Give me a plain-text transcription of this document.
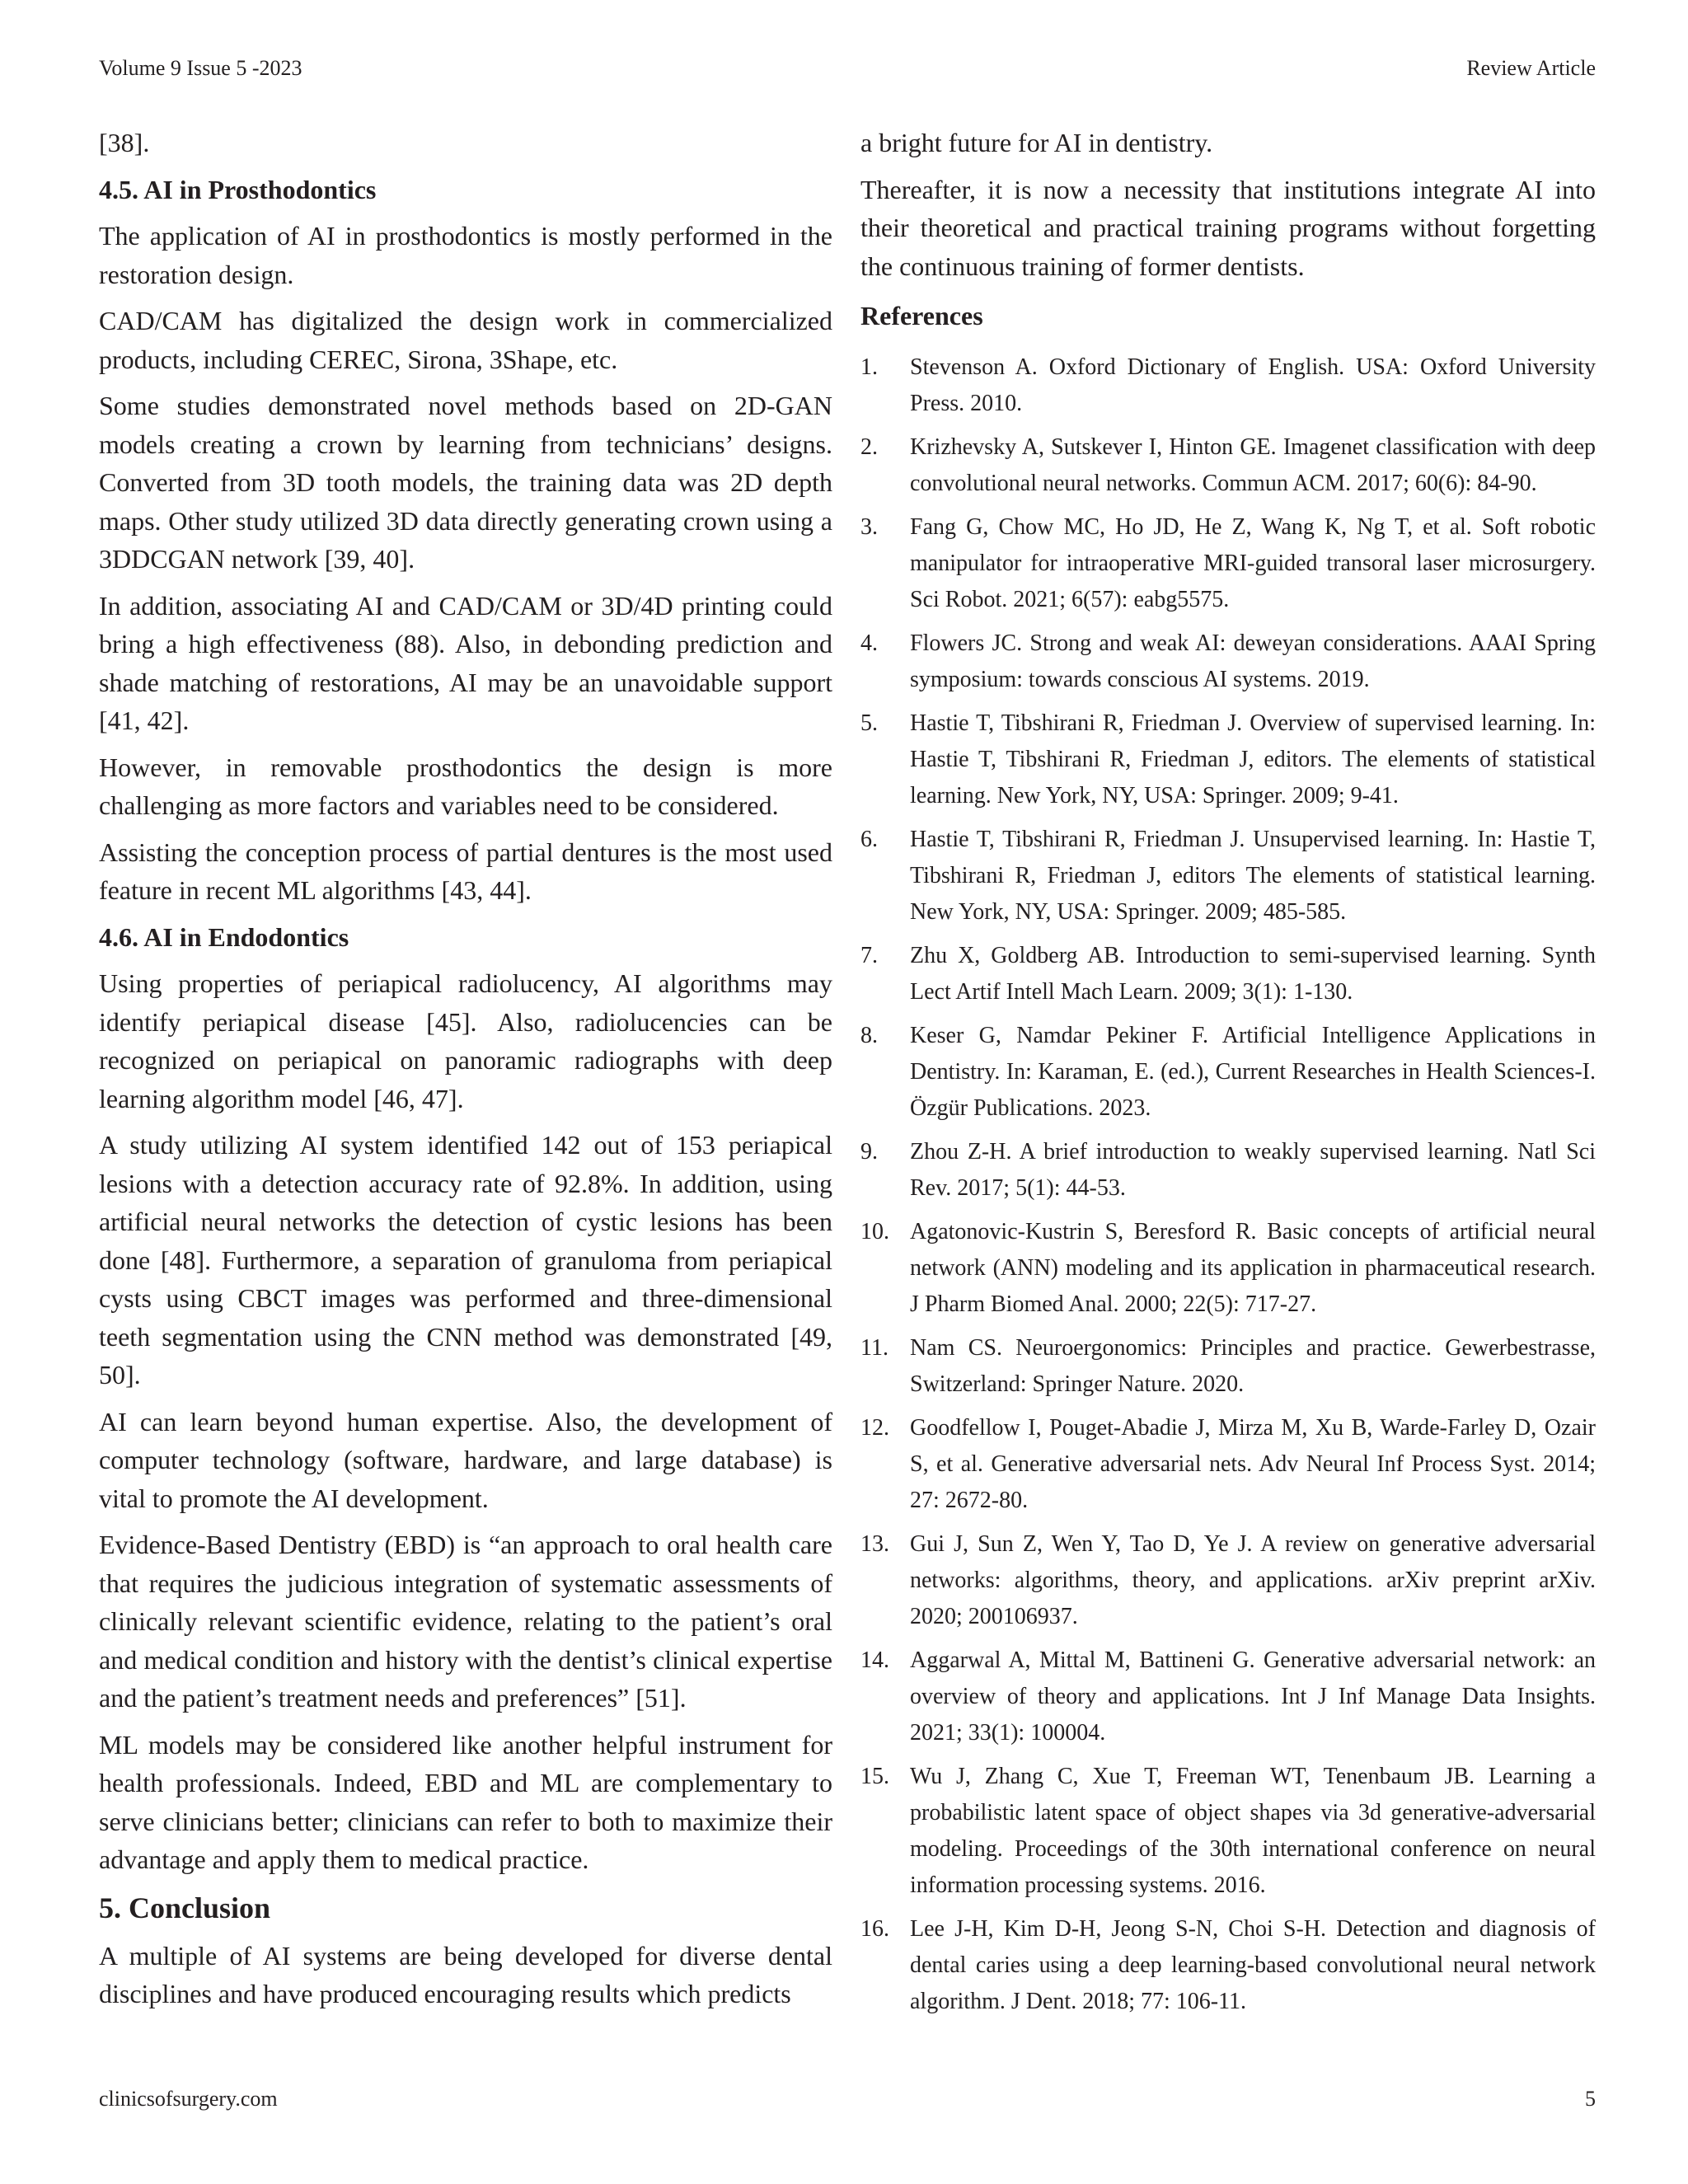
Volume 9 Issue 5 -2023	Review Article

[38].

4.5. AI in Prosthodontics

The application of AI in prosthodontics is mostly performed in the restoration design.

CAD/CAM has digitalized the design work in commercialized products, including CEREC, Sirona, 3Shape, etc.

Some studies demonstrated novel methods based on 2D-GAN models creating a crown by learning from technicians’ designs. Converted from 3D tooth models, the training data was 2D depth maps. Other study utilized 3D data directly generating crown using a 3DDCGAN network [39, 40].

In addition, associating AI and CAD/CAM or 3D/4D printing could bring a high effectiveness (88). Also, in debonding prediction and shade matching of restorations, AI may be an unavoidable support [41, 42].

However, in removable prosthodontics the design is more challenging as more factors and variables need to be considered.

Assisting the conception process of partial dentures is the most used feature in recent ML algorithms [43, 44].

4.6. AI in Endodontics

Using properties of periapical radiolucency, AI algorithms may identify periapical disease [45]. Also, radiolucencies can be recognized on periapical on panoramic radiographs with deep learning algorithm model [46, 47].

A study utilizing AI system identified 142 out of 153 periapical lesions with a detection accuracy rate of 92.8%. In addition, using artificial neural networks the detection of cystic lesions has been done [48]. Furthermore, a separation of granuloma from periapical cysts using CBCT images was performed and three-dimensional teeth segmentation using the CNN method was demonstrated [49, 50].

AI can learn beyond human expertise. Also, the development of computer technology (software, hardware, and large database) is vital to promote the AI development.

Evidence-Based Dentistry (EBD) is “an approach to oral health care that requires the judicious integration of systematic assessments of clinically relevant scientific evidence, relating to the patient’s oral and medical condition and history with the dentist’s clinical expertise and the patient’s treatment needs and preferences” [51].

ML models may be considered like another helpful instrument for health professionals. Indeed, EBD and ML are complementary to serve clinicians better; clinicians can refer to both to maximize their advantage and apply them to medical practice.

5. Conclusion

A multiple of AI systems are being developed for diverse dental disciplines and have produced encouraging results which predicts

a bright future for AI in dentistry.

Thereafter, it is now a necessity that institutions integrate AI into their theoretical and practical training programs without forgetting the continuous training of former dentists.

References
1. Stevenson A. Oxford Dictionary of English. USA: Oxford University Press. 2010.
2. Krizhevsky A, Sutskever I, Hinton GE. Imagenet classification with deep convolutional neural networks. Commun ACM. 2017; 60(6): 84-90.
3. Fang G, Chow MC, Ho JD, He Z, Wang K, Ng T, et al. Soft robotic manipulator for intraoperative MRI-guided transoral laser microsurgery. Sci Robot. 2021; 6(57): eabg5575.
4. Flowers JC. Strong and weak AI: deweyan considerations. AAAI Spring symposium: towards conscious AI systems. 2019.
5. Hastie T, Tibshirani R, Friedman J. Overview of supervised learning. In: Hastie T, Tibshirani R, Friedman J, editors. The elements of statistical learning. New York, NY, USA: Springer. 2009; 9-41.
6. Hastie T, Tibshirani R, Friedman J. Unsupervised learning. In: Hastie T, Tibshirani R, Friedman J, editors The elements of statistical learning. New York, NY, USA: Springer. 2009; 485-585.
7. Zhu X, Goldberg AB. Introduction to semi-supervised learning. Synth Lect Artif Intell Mach Learn. 2009; 3(1): 1-130.
8. Keser G, Namdar Pekiner F. Artificial Intelligence Applications in Dentistry. In: Karaman, E. (ed.), Current Researches in Health Sciences-I. Özgür Publications. 2023.
9. Zhou Z-H. A brief introduction to weakly supervised learning. Natl Sci Rev. 2017; 5(1): 44-53.
10. Agatonovic-Kustrin S, Beresford R. Basic concepts of artificial neural network (ANN) modeling and its application in pharmaceutical research. J Pharm Biomed Anal. 2000; 22(5): 717-27.
11. Nam CS. Neuroergonomics: Principles and practice. Gewerbestrasse, Switzerland: Springer Nature. 2020.
12. Goodfellow I, Pouget-Abadie J, Mirza M, Xu B, Warde-Farley D, Ozair S, et al. Generative adversarial nets. Adv Neural Inf Process Syst. 2014; 27: 2672-80.
13. Gui J, Sun Z, Wen Y, Tao D, Ye J. A review on generative adversarial networks: algorithms, theory, and applications. arXiv preprint arXiv. 2020; 200106937.
14. Aggarwal A, Mittal M, Battineni G. Generative adversarial network: an overview of theory and applications. Int J Inf Manage Data Insights. 2021; 33(1): 100004.
15. Wu J, Zhang C, Xue T, Freeman WT, Tenenbaum JB. Learning a probabilistic latent space of object shapes via 3d generative-adversarial modeling. Proceedings of the 30th international conference on neural information processing systems. 2016.
16. Lee J-H, Kim D-H, Jeong S-N, Choi S-H. Detection and diagnosis of dental caries using a deep learning-based convolutional neural network algorithm. J Dent. 2018; 77: 106-11.
clinicsofsurgery.com	5
